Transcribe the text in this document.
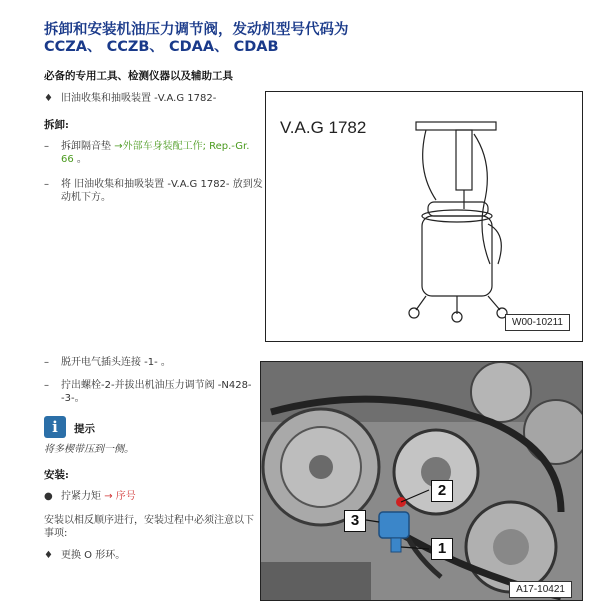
拆卸和安装机油压力调节阀，发动机型号代码为
CCZA、 CCZB、 CDAA、 CDAB
必备的专用工具、检测仪器以及辅助工具
♦ 旧油收集和抽吸装置 -V.A.G 1782-
拆卸:
– 拆卸隔音垫 →外部车身装配工作; Rep.-Gr. 66 。
– 将 旧油收集和抽吸装置 -V.A.G 1782- 放到发动机下方。
V.A.G 1782
W00-10211
– 脱开电气插头连接 -1- 。
– 拧出螺栓-2-并拔出机油压力调节阀 -N428--3-。
i	提示
将多楔带压到一侧。
安装:
● 拧紧力矩 → 序号
安装以相反顺序进行，安装过程中必须注意以下事项:
♦ 更换 O 形环。
2
3
1
A17-10421
